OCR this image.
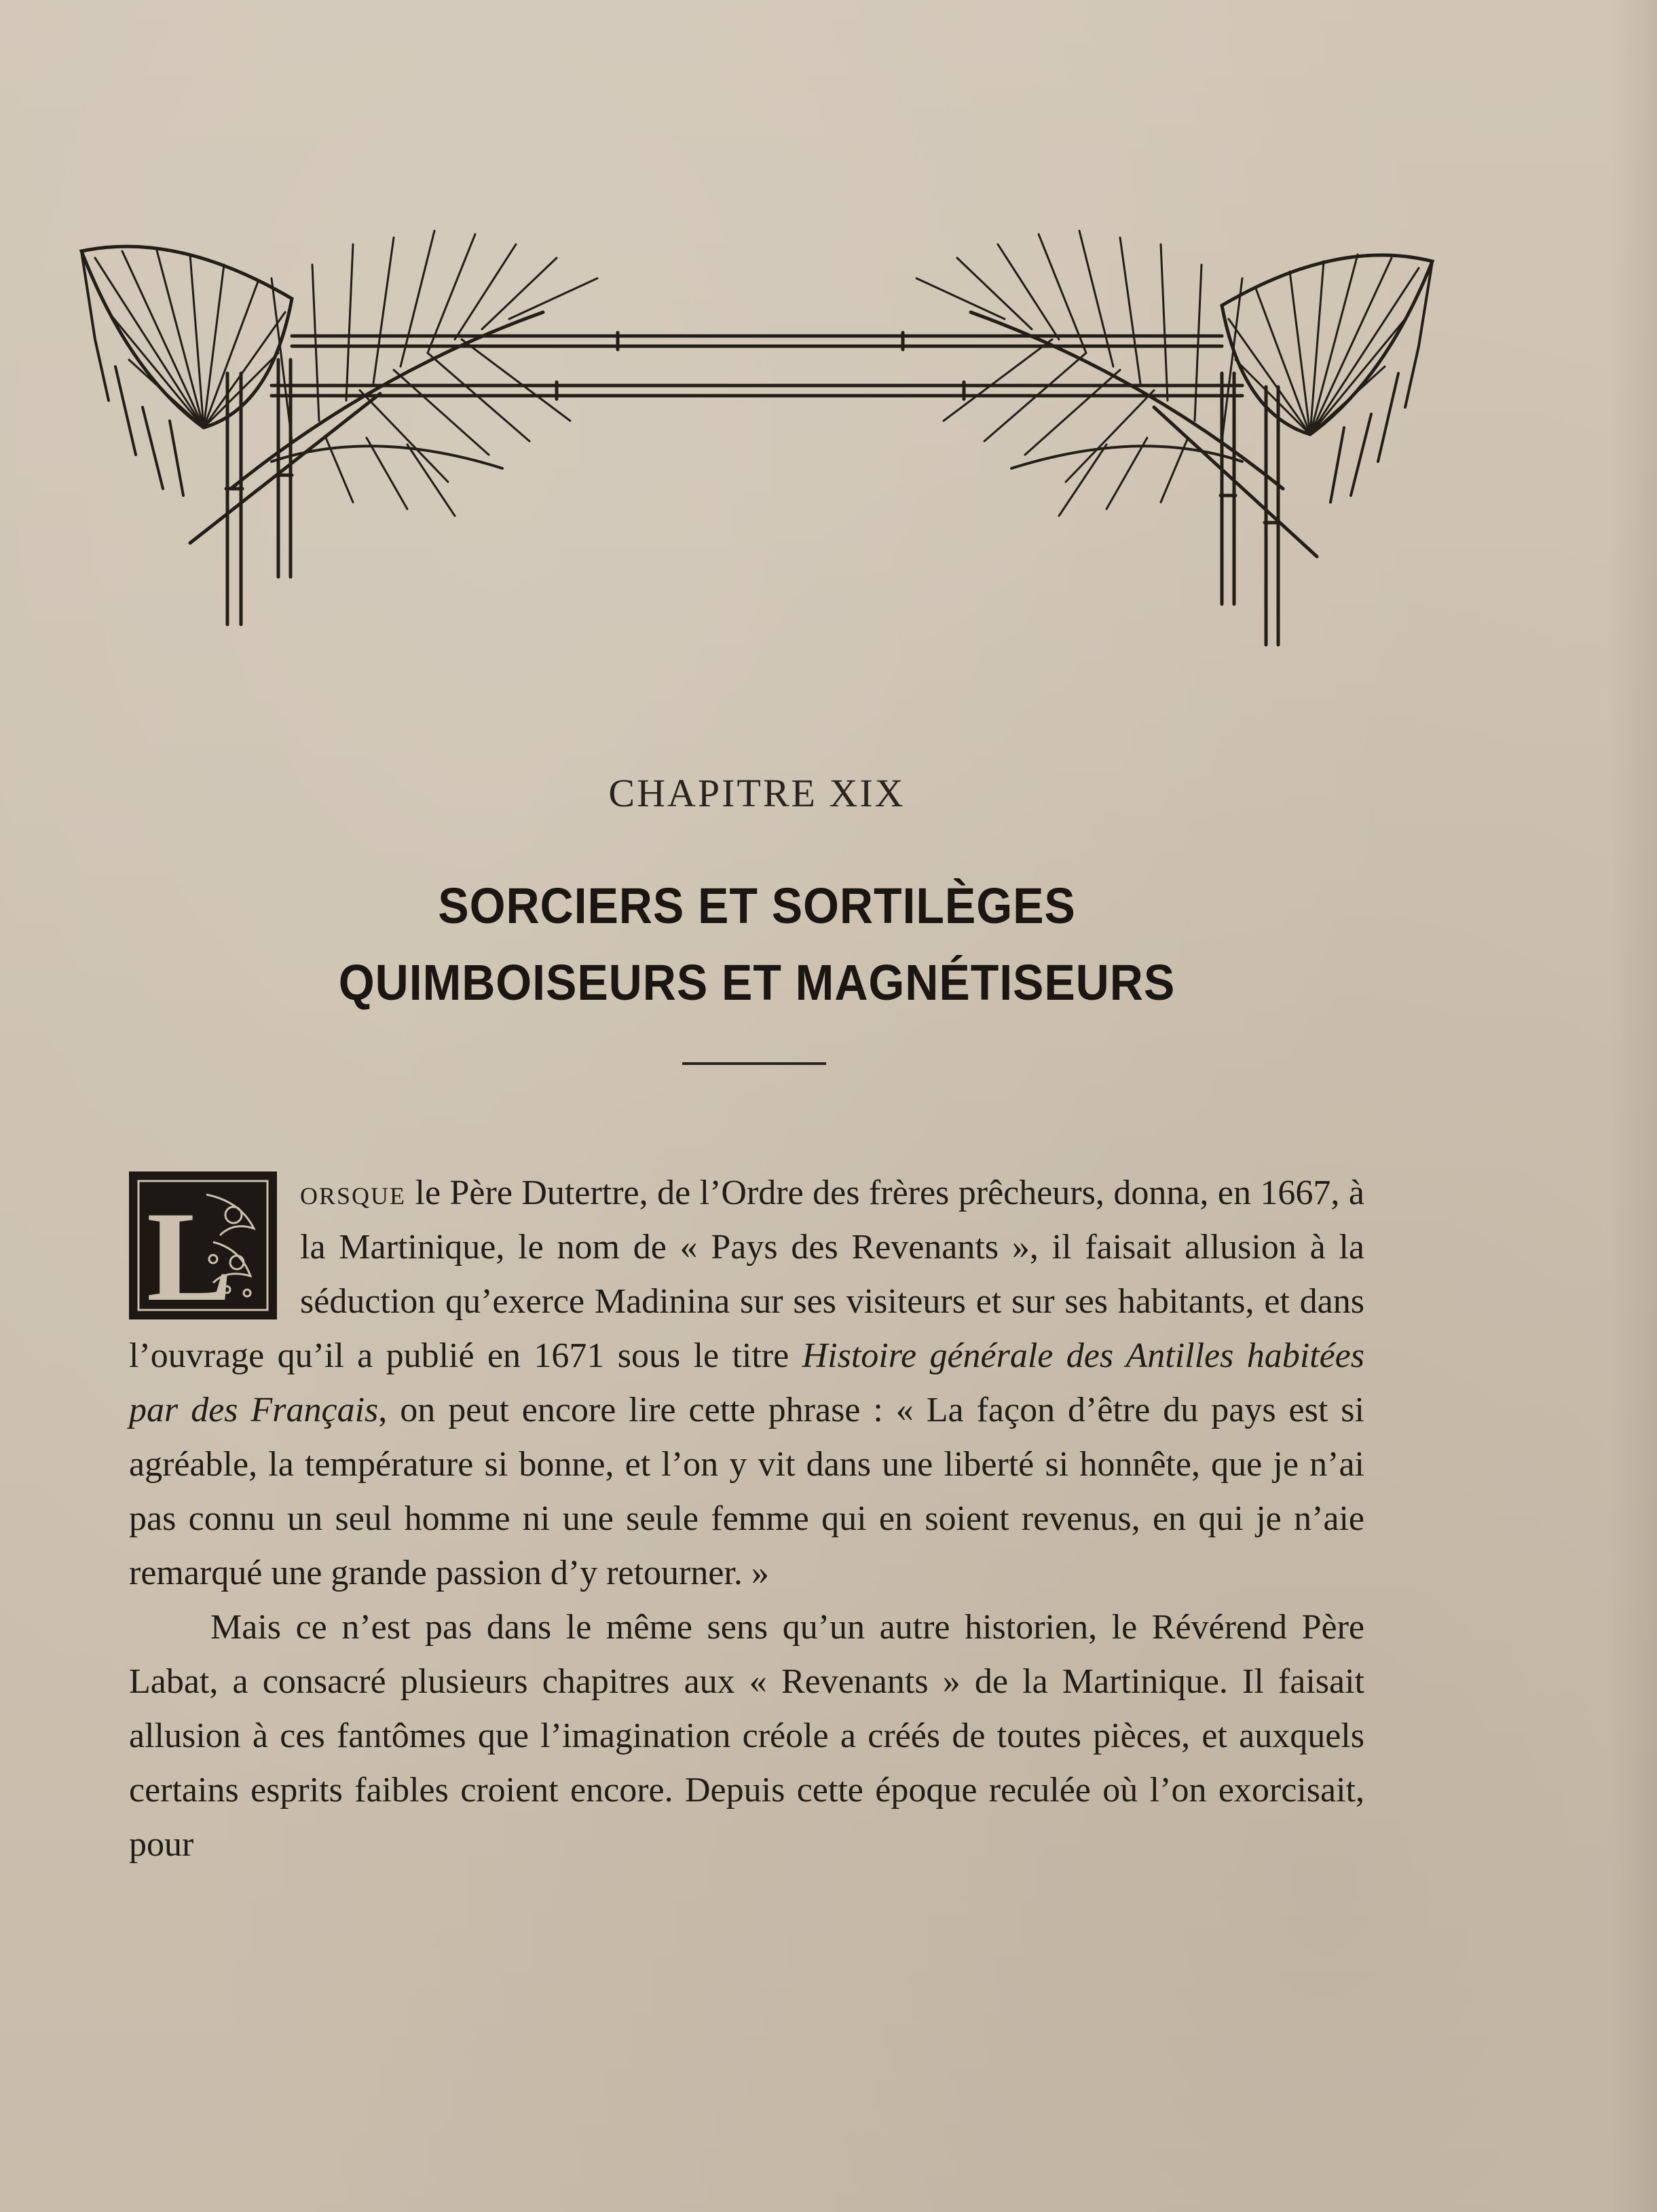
CHAPITRE XIX
SORCIERS ET SORTILÈGES
QUIMBOISEURS ET MAGNÉTISEURS

L orsque le Père Dutertre, de l’Ordre des frères prêcheurs, donna, en 1667, à la Martinique, le nom de « Pays des Revenants », il faisait allusion à la séduction qu’exerce Madinina sur ses visiteurs et sur ses habitants, et dans l’ouvrage qu’il a publié en 1671 sous le titre Histoire générale des Antilles habitées par des Français, on peut encore lire cette phrase : « La façon d’être du pays est si agréable, la température si bonne, et l’on y vit dans une liberté si honnête, que je n’ai pas connu un seul homme ni une seule femme qui en soient revenus, en qui je n’aie remarqué une grande passion d’y retourner. »

Mais ce n’est pas dans le même sens qu’un autre historien, le Révérend Père Labat, a consacré plusieurs chapitres aux « Revenants » de la Martinique. Il faisait allusion à ces fantômes que l’imagination créole a créés de toutes pièces, et auxquels certains esprits faibles croient encore. Depuis cette époque reculée où l’on exorcisait, pour
